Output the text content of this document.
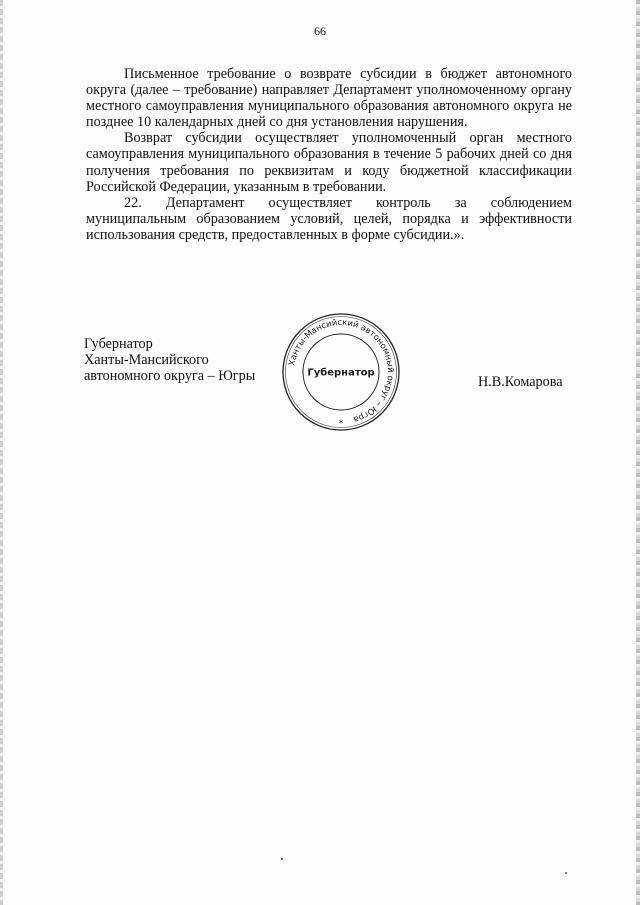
66

Письменное требование о возврате субсидии в бюджет автономного округа (далее – требование) направляет Департамент уполномоченному органу местного самоуправления муниципального образования автономного округа не позднее 10 календарных дней со дня установления нарушения.

Возврат субсидии осуществляет уполномоченный орган местного самоуправления муниципального образования в течение 5 рабочих дней со дня получения требования по реквизитам и коду бюджетной классификации Российской Федерации, указанным в требовании.

22. Департамент осуществляет контроль за соблюдением муниципальным образованием условий, целей, порядка и эффективности использования средств, предоставленных в форме субсидии.».

Губернатор
Ханты-Мансийского
автономного округа – Югры	Н.В.Комарова
Ханты-Мансийский автономный округ – Югра
Губернатор
*
